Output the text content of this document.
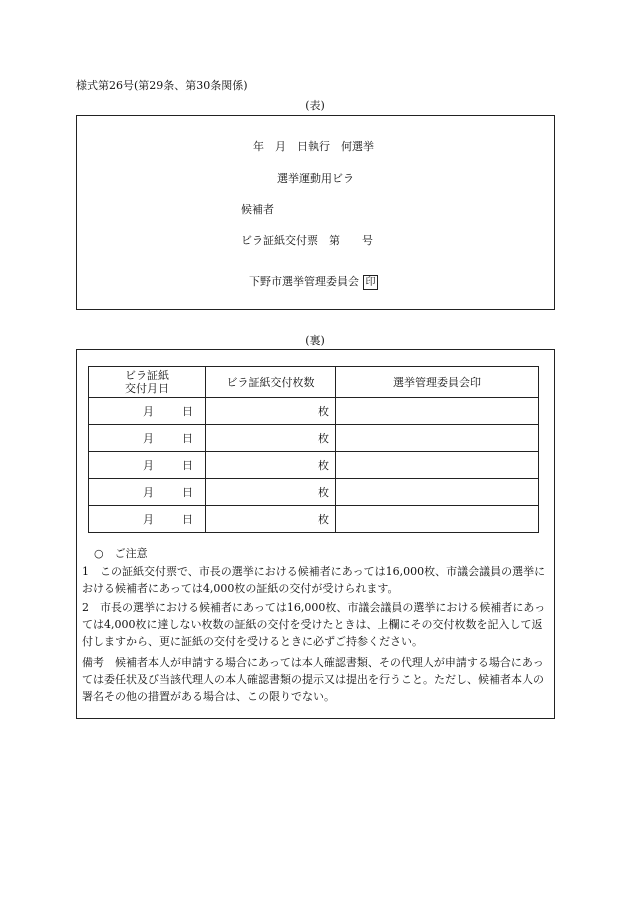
様式第26号(第29条、第30条関係)
(表)
年　月　日執行　何選挙
選挙運動用ビラ
候補者
ビラ証紙交付票　第　　号
下野市選挙管理委員会 印
(裏)
ビラ証紙
交付月日	ビラ証紙交付枚数	選挙管理委員会印
月 日	枚	
月 日	枚	
月 日	枚	
月 日	枚	
月 日	枚	
○　ご注意
1　この証紙交付票で、市長の選挙における候補者にあっては16,000枚、市議会議員の選挙における候補者にあっては4,000枚の証紙の交付が受けられます。
2　市長の選挙における候補者にあっては16,000枚、市議会議員の選挙における候補者にあっては4,000枚に達しない枚数の証紙の交付を受けたときは、上欄にその交付枚数を記入して返付しますから、更に証紙の交付を受けるときに必ずご持参ください。
備考　候補者本人が申請する場合にあっては本人確認書類、その代理人が申請する場合にあっては委任状及び当該代理人の本人確認書類の提示又は提出を行うこと。ただし、候補者本人の署名その他の措置がある場合は、この限りでない。
